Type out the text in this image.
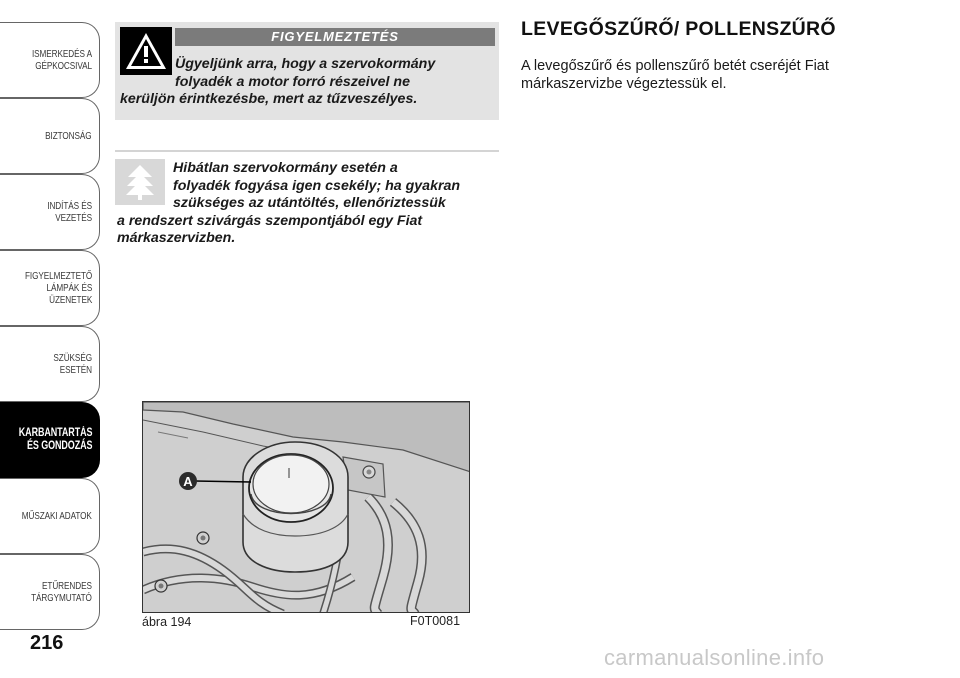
ISMERKEDÉS A
GÉPKOCSIVAL
BIZTONSÁG
INDÍTÁS ÉS VEZETÉS
FIGYELMEZTETŐ
LÁMPÁK ÉS
ÜZENETEK
SZÜKSÉG ESETÉN
KARBANTARTÁS
ÉS GONDOZÁS
MŰSZAKI ADATOK
ETŰRENDES
TÁRGYMUTATÓ
216
FIGYELMEZTETÉS
Ügyeljünk arra, hogy a szervokormány
folyadék a motor forró részeivel ne
kerüljön érintkezésbe, mert az tűzveszélyes.
Hibátlan szervokormány esetén a
folyadék fogyása igen csekély; ha gyakran
szükséges az utántöltés, ellenőriztessük
a rendszert szivárgás szempontjából egy Fiat
márkaszervizben.
A
ábra 194	F0T0081
LEVEGŐSZŰRŐ/ POLLENSZŰRŐ
A levegőszűrő és pollenszűrő betét cseréjét Fiat márkaszervizbe végeztessük el.
carmanualsonline.info
